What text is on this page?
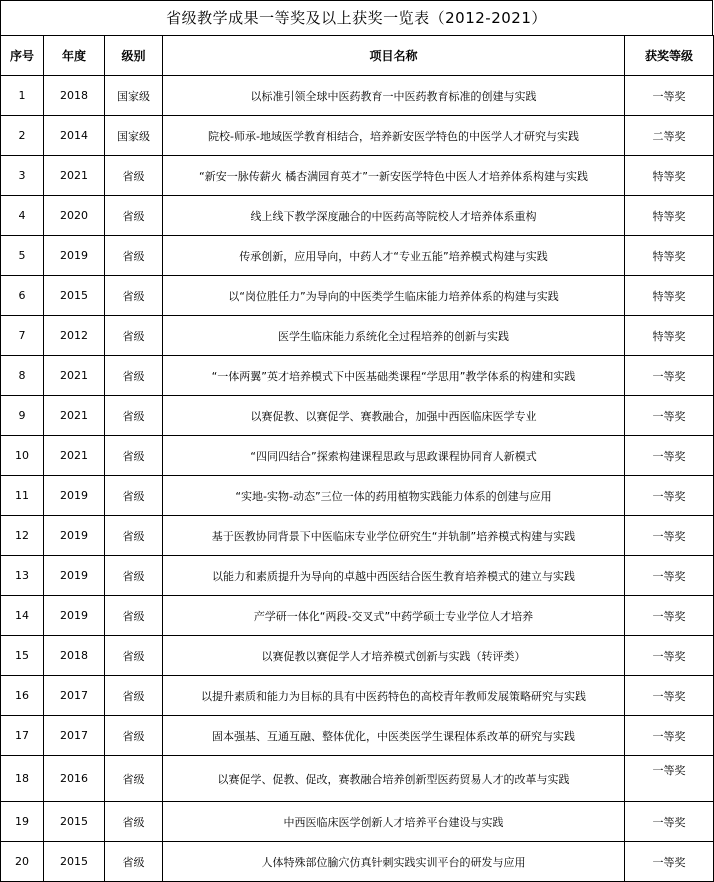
省级教学成果一等奖及以上获奖一览表（2012-2021）
序号	年度	级别	项目名称	获奖等级
1	2018	国家级	以标准引领全球中医药教育一中医药教育标准的创建与实践	一等奖
2	2014	国家级	院校-师承-地域医学教育相结合，培养新安医学特色的中医学人才研究与实践	二等奖
3	2021	省级	“新安一脉传薪火 橘杏满园育英才”一新安医学特色中医人才培养体系构建与实践	特等奖
4	2020	省级	线上线下教学深度融合的中医药高等院校人才培养体系重构	特等奖
5	2019	省级	传承创新，应用导向，中药人才“专业五能”培养模式构建与实践	特等奖
6	2015	省级	以“岗位胜任力”为导向的中医类学生临床能力培养体系的构建与实践	特等奖
7	2012	省级	医学生临床能力系统化全过程培养的创新与实践	特等奖
8	2021	省级	“一体两翼”英才培养模式下中医基础类课程“学思用”教学体系的构建和实践	一等奖
9	2021	省级	以赛促教、以赛促学、赛教融合，加强中西医临床医学专业	一等奖
10	2021	省级	“四同四结合”探索构建课程思政与思政课程协同育人新模式	一等奖
11	2019	省级	“实地-实物-动态”三位一体的药用植物实践能力体系的创建与应用	一等奖
12	2019	省级	基于医教协同背景下中医临床专业学位研究生“并轨制”培养模式构建与实践	一等奖
13	2019	省级	以能力和素质提升为导向的卓越中西医结合医生教育培养模式的建立与实践	一等奖
14	2019	省级	产学研一体化“两段-交叉式”中药学硕士专业学位人才培养	一等奖
15	2018	省级	以赛促教以赛促学人才培养模式创新与实践（转评类）	一等奖
16	2017	省级	以提升素质和能力为目标的具有中医药特色的高校青年教师发展策略研究与实践	一等奖
17	2017	省级	固本强基、互通互融、整体优化，中医类医学生课程体系改革的研究与实践	一等奖
18	2016	省级	以赛促学、促教、促改，赛教融合培养创新型医药贸易人才的改革与实践	一等奖
19	2015	省级	中西医临床医学创新人才培养平台建设与实践	一等奖
20	2015	省级	人体特殊部位腧穴仿真针刺实践实训平台的研发与应用	一等奖
